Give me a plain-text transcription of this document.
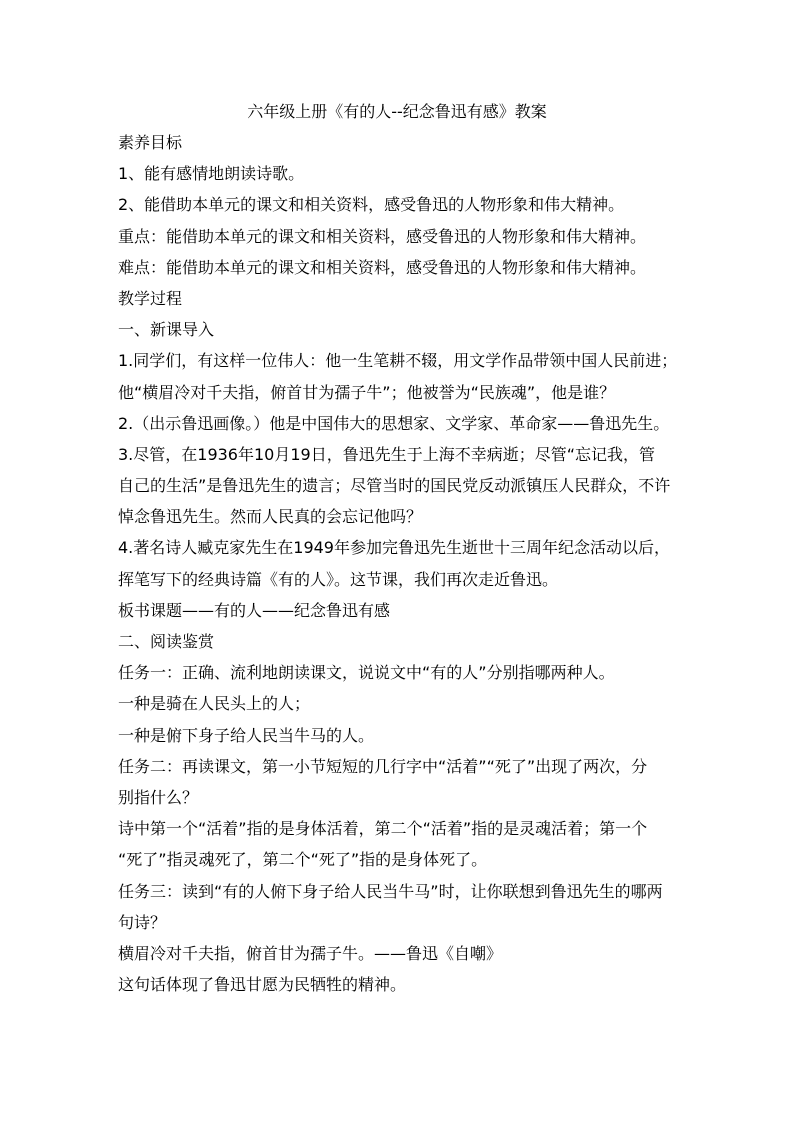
六年级上册《有的人--纪念鲁迅有感》教案
素养目标
1、能有感情地朗读诗歌。
2、能借助本单元的课文和相关资料，感受鲁迅的人物形象和伟大精神。
重点：能借助本单元的课文和相关资料，感受鲁迅的人物形象和伟大精神。
难点：能借助本单元的课文和相关资料，感受鲁迅的人物形象和伟大精神。
教学过程
一、新课导入
1.同学们，有这样一位伟人：他一生笔耕不辍，用文学作品带领中国人民前进；
他“横眉冷对千夫指，俯首甘为孺子牛”；他被誉为“民族魂”，他是谁？
2.（出示鲁迅画像。）他是中国伟大的思想家、文学家、革命家——鲁迅先生。
3.尽管，在1936年10月19日，鲁迅先生于上海不幸病逝；尽管“忘记我，管
自己的生活”是鲁迅先生的遗言；尽管当时的国民党反动派镇压人民群众，不许
悼念鲁迅先生。然而人民真的会忘记他吗？
4.著名诗人臧克家先生在1949年参加完鲁迅先生逝世十三周年纪念活动以后，
挥笔写下的经典诗篇《有的人》。这节课，我们再次走近鲁迅。
板书课题——有的人——纪念鲁迅有感
二、阅读鉴赏
任务一：正确、流利地朗读课文，说说文中“有的人”分别指哪两种人。
一种是骑在人民头上的人；
一种是俯下身子给人民当牛马的人。
任务二：再读课文，第一小节短短的几行字中“活着”“死了”出现了两次，分
别指什么？
诗中第一个“活着”指的是身体活着，第二个“活着”指的是灵魂活着；第一个
“死了”指灵魂死了，第二个“死了”指的是身体死了。
任务三：读到“有的人俯下身子给人民当牛马”时，让你联想到鲁迅先生的哪两
句诗？
横眉冷对千夫指，俯首甘为孺子牛。——鲁迅《自嘲》
这句话体现了鲁迅甘愿为民牺牲的精神。
